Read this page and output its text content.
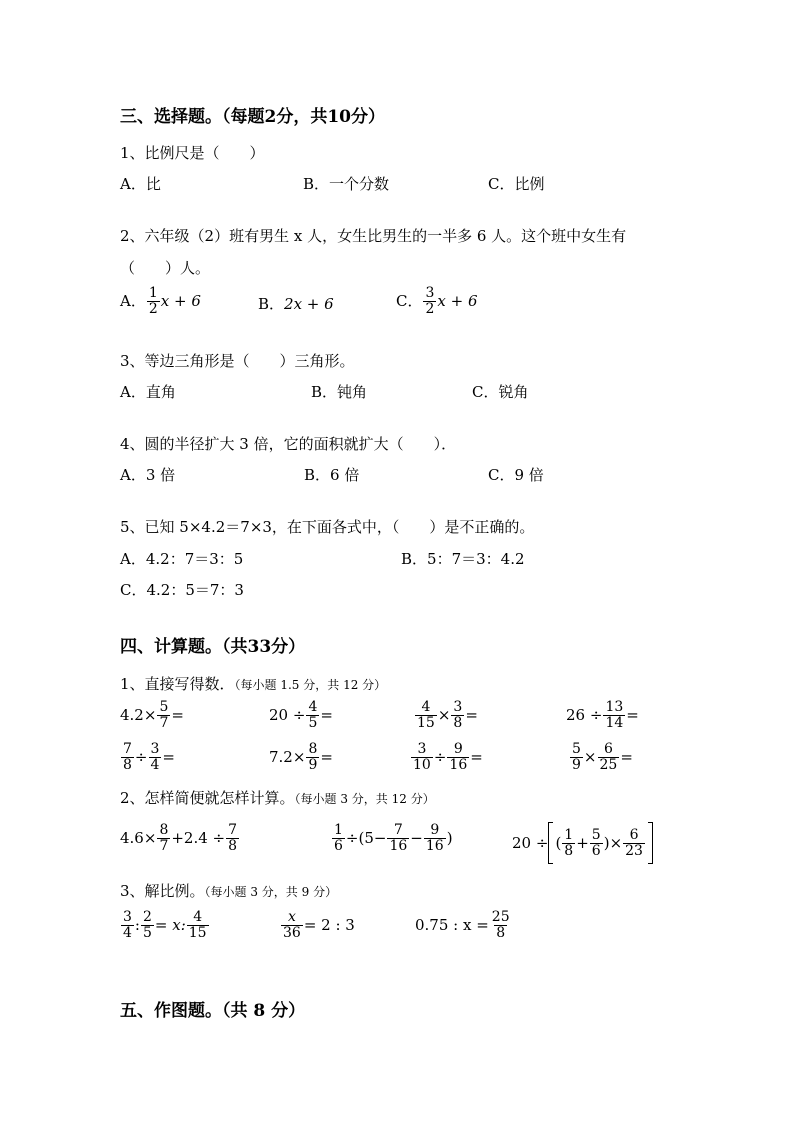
三、选择题。（每题2分，共10分）
1、比例尺是（　　）
A．比	B．一个分数	C．比例
2、六年级（2）班有男生 x 人，女生比男生的一半多 6 人。这个班中女生有
（　　）人。
A． 1
2 x + 6	B． 2x + 6	C． 3
2 x + 6
3、等边三角形是（　　）三角形。
A．直角	B．钝角	C．锐角
4、圆的半径扩大 3 倍，它的面积就扩大（　　）．
A．3 倍	B．6 倍	C．9 倍
5、已知 5×4.2＝7×3，在下面各式中，（　　）是不正确的。
A．4.2：7＝3：5	B．5：7＝3：4.2
C．4.2：5＝7：3
四、计算题。（共33分）
1、直接写得数．（每小题 1.5 分，共 12 分）
$4.2\times \frac{5}{7}$ =	$20 \div \frac{4}{5}$ =	$\frac{4}{15} \times \frac{3}{8}$ =	$26 \div \frac{13}{14}$ =
$\frac{7}{8} \div \frac{3}{4}$ =	$7.2\times \frac{8}{9}$ =	$\frac{3}{10} \div \frac{9}{16}$ =	$\frac{5}{9} \times \frac{6}{25}$ =
2、怎样简便就怎样计算。（每小题 3 分，共 12 分）
$4.6\times \frac{8}{7} +2.4 \div \frac{7}{8}$	$\frac{1}{6} \div(5- \frac{7}{16} - \frac{9}{16}$ )	20 ÷ ( 1
$8 + \frac{5}{6}$ )× $\frac{6}{23}$
3、解比例。（每小题 3 分，共 9 分）
3
4 : $\frac{2}{5} = x$: 4
15	$\frac{x}{36} = 2$ : 3	0.75 : $x = \frac{25}{8}$
五、作图题。（共 8 分）
